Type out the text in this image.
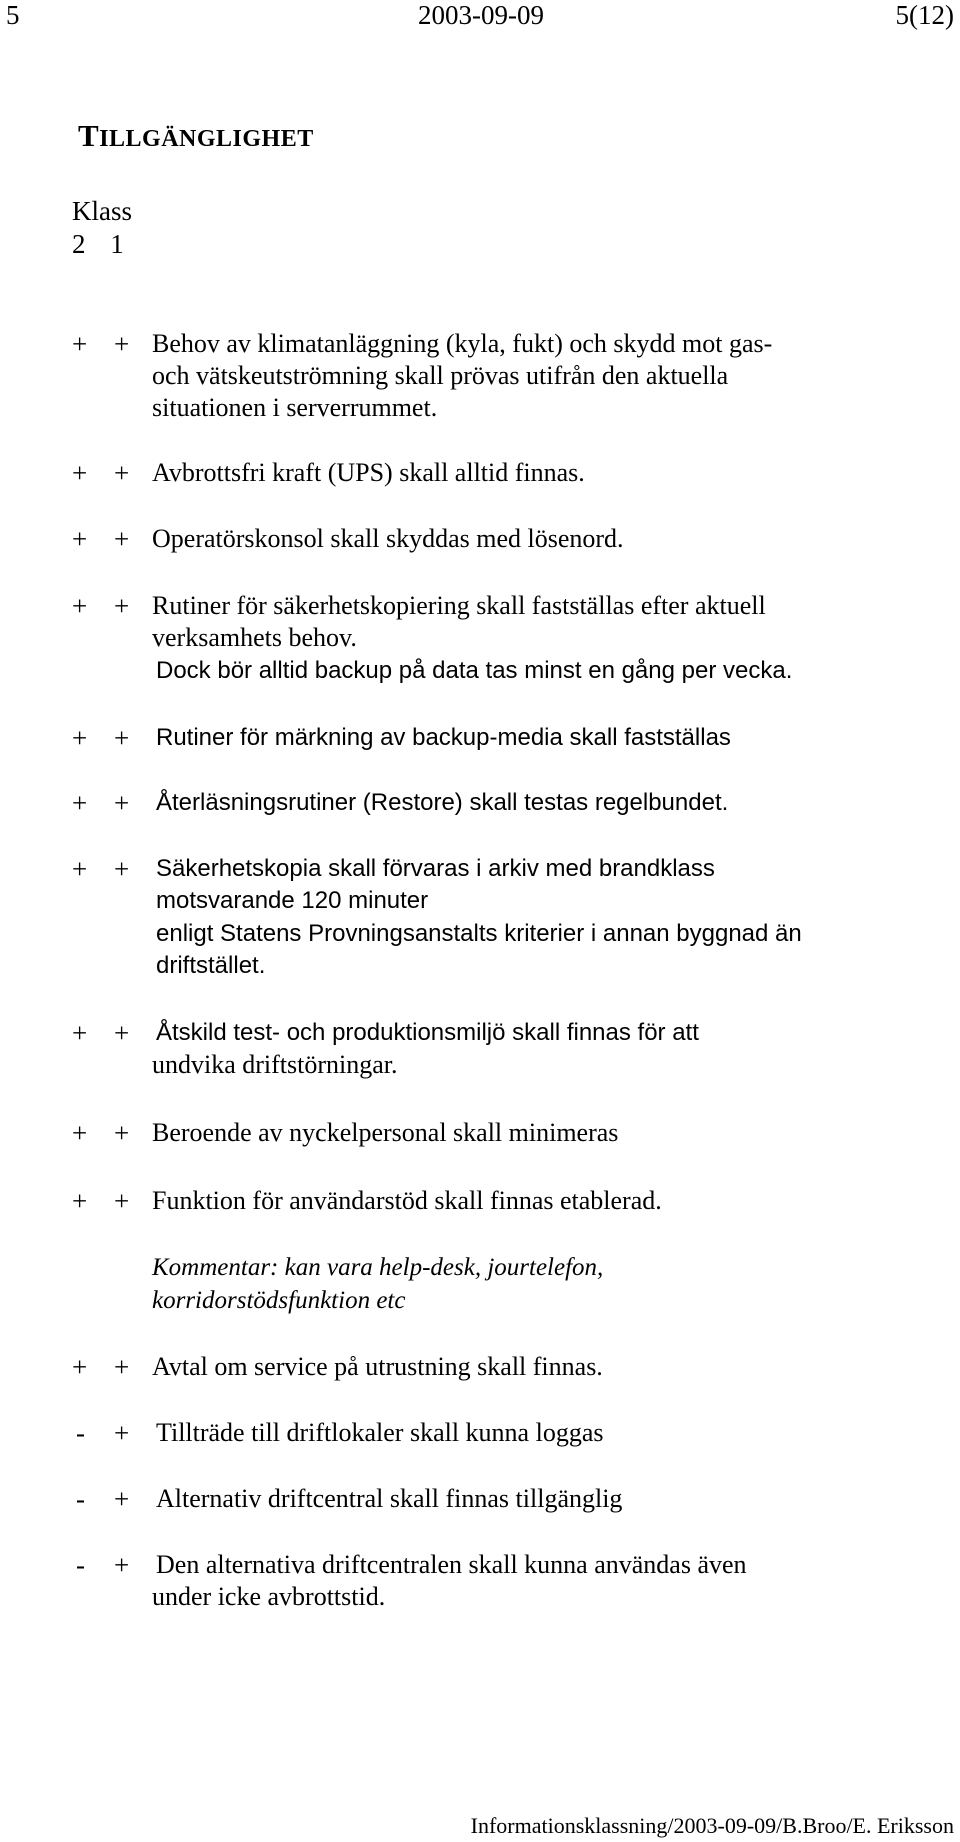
5	2003-09-09	5(12)
TILLGÄNGLIGHET
Klass
2 1
+ + Behov av klimatanläggning (kyla, fukt) och skydd mot gas-
och vätskeutströmning skall prövas utifrån den aktuella
situationen i serverrummet.
+ + Avbrottsfri kraft (UPS) skall alltid finnas.
+ + Operatörskonsol skall skyddas med lösenord.
+ + Rutiner för säkerhetskopiering skall fastställas efter aktuell
verksamhets behov.
Dock bör alltid backup på data tas minst en gång per vecka.
+ + Rutiner för märkning av backup-media skall fastställas
+ + Återläsningsrutiner (Restore) skall testas regelbundet.
+ + Säkerhetskopia skall förvaras i arkiv med brandklass
motsvarande 120 minuter
enligt Statens Provningsanstalts kriterier i annan byggnad än
driftstället.
+ + Åtskild test- och produktionsmiljö skall finnas för att
undvika driftstörningar.
+ + Beroende av nyckelpersonal skall minimeras
+ + Funktion för användarstöd skall finnas etablerad.
Kommentar: kan vara help-desk, jourtelefon,
korridorstödsfunktion etc
+ + Avtal om service på utrustning skall finnas.
- + Tillträde till driftlokaler skall kunna loggas
- + Alternativ driftcentral skall finnas tillgänglig
- + Den alternativa driftcentralen skall kunna användas även
under icke avbrottstid.
Informationsklassning/2003-09-09/B.Broo/E. Eriksson
